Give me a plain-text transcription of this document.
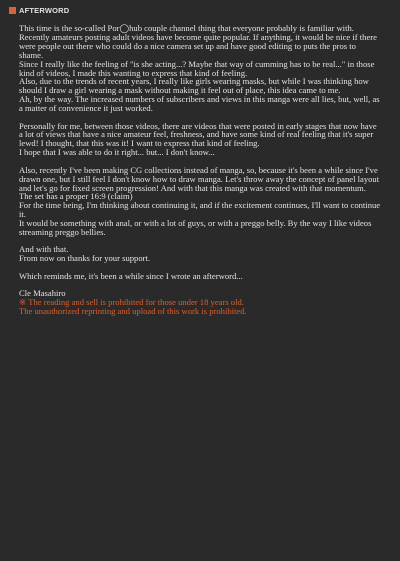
AFTERWORD
This time is the so-called Por◯hub couple channel thing that everyone probably is familiar with.
Recently amateurs posting adult videos have become quite popular. If anything, it would be nice if there were people out there who could do a nice camera set up and have good editing to puts the pros to shame.
Since I really like the feeling of "is she acting...? Maybe that way of cumming has to be real..." in those kind of videos, I made this wanting to express that kind of feeling.
Also, due to the trends of recent years, I really like girls wearing masks, but while I was thinking how should I draw a girl wearing a mask without making it feel out of place, this idea came to me.
Ah, by the way. The increased numbers of subscribers and views in this manga were all lies, but, well, as a matter of convenience it just worked.
Personally for me, between those videos, there are videos that were posted in early stages that now have a lot of views that have a nice amateur feel, freshness, and have some kind of real feeling that it's super lewd! I thought, that this was it! I want to express that kind of feeling.
I hope that I was able to do it right... but... I don't know...
Also, recently I've been making CG collections instead of manga, so, because it's been a while since I've drawn one, but I still feel I don't know how to draw manga. Let's throw away the concept of panel layout and let's go for fixed screen progression! And with that this manga was created with that momentum.
The set has a proper 16:9 (claim)
For the time being, I'm thinking about continuing it, and if the excitement continues, I'll want to continue it.
It would be something with anal, or with a lot of guys, or with a preggo belly. By the way I like videos streaming preggo bellies.
And with that.
From now on thanks for your support.
Which reminds me, it's been a while since I wrote an afterword...
Cle Masahiro
※ The reading and sell is prohibited for those under 18 years old.
The unauthorized reprinting and upload of this work is prohibited.
